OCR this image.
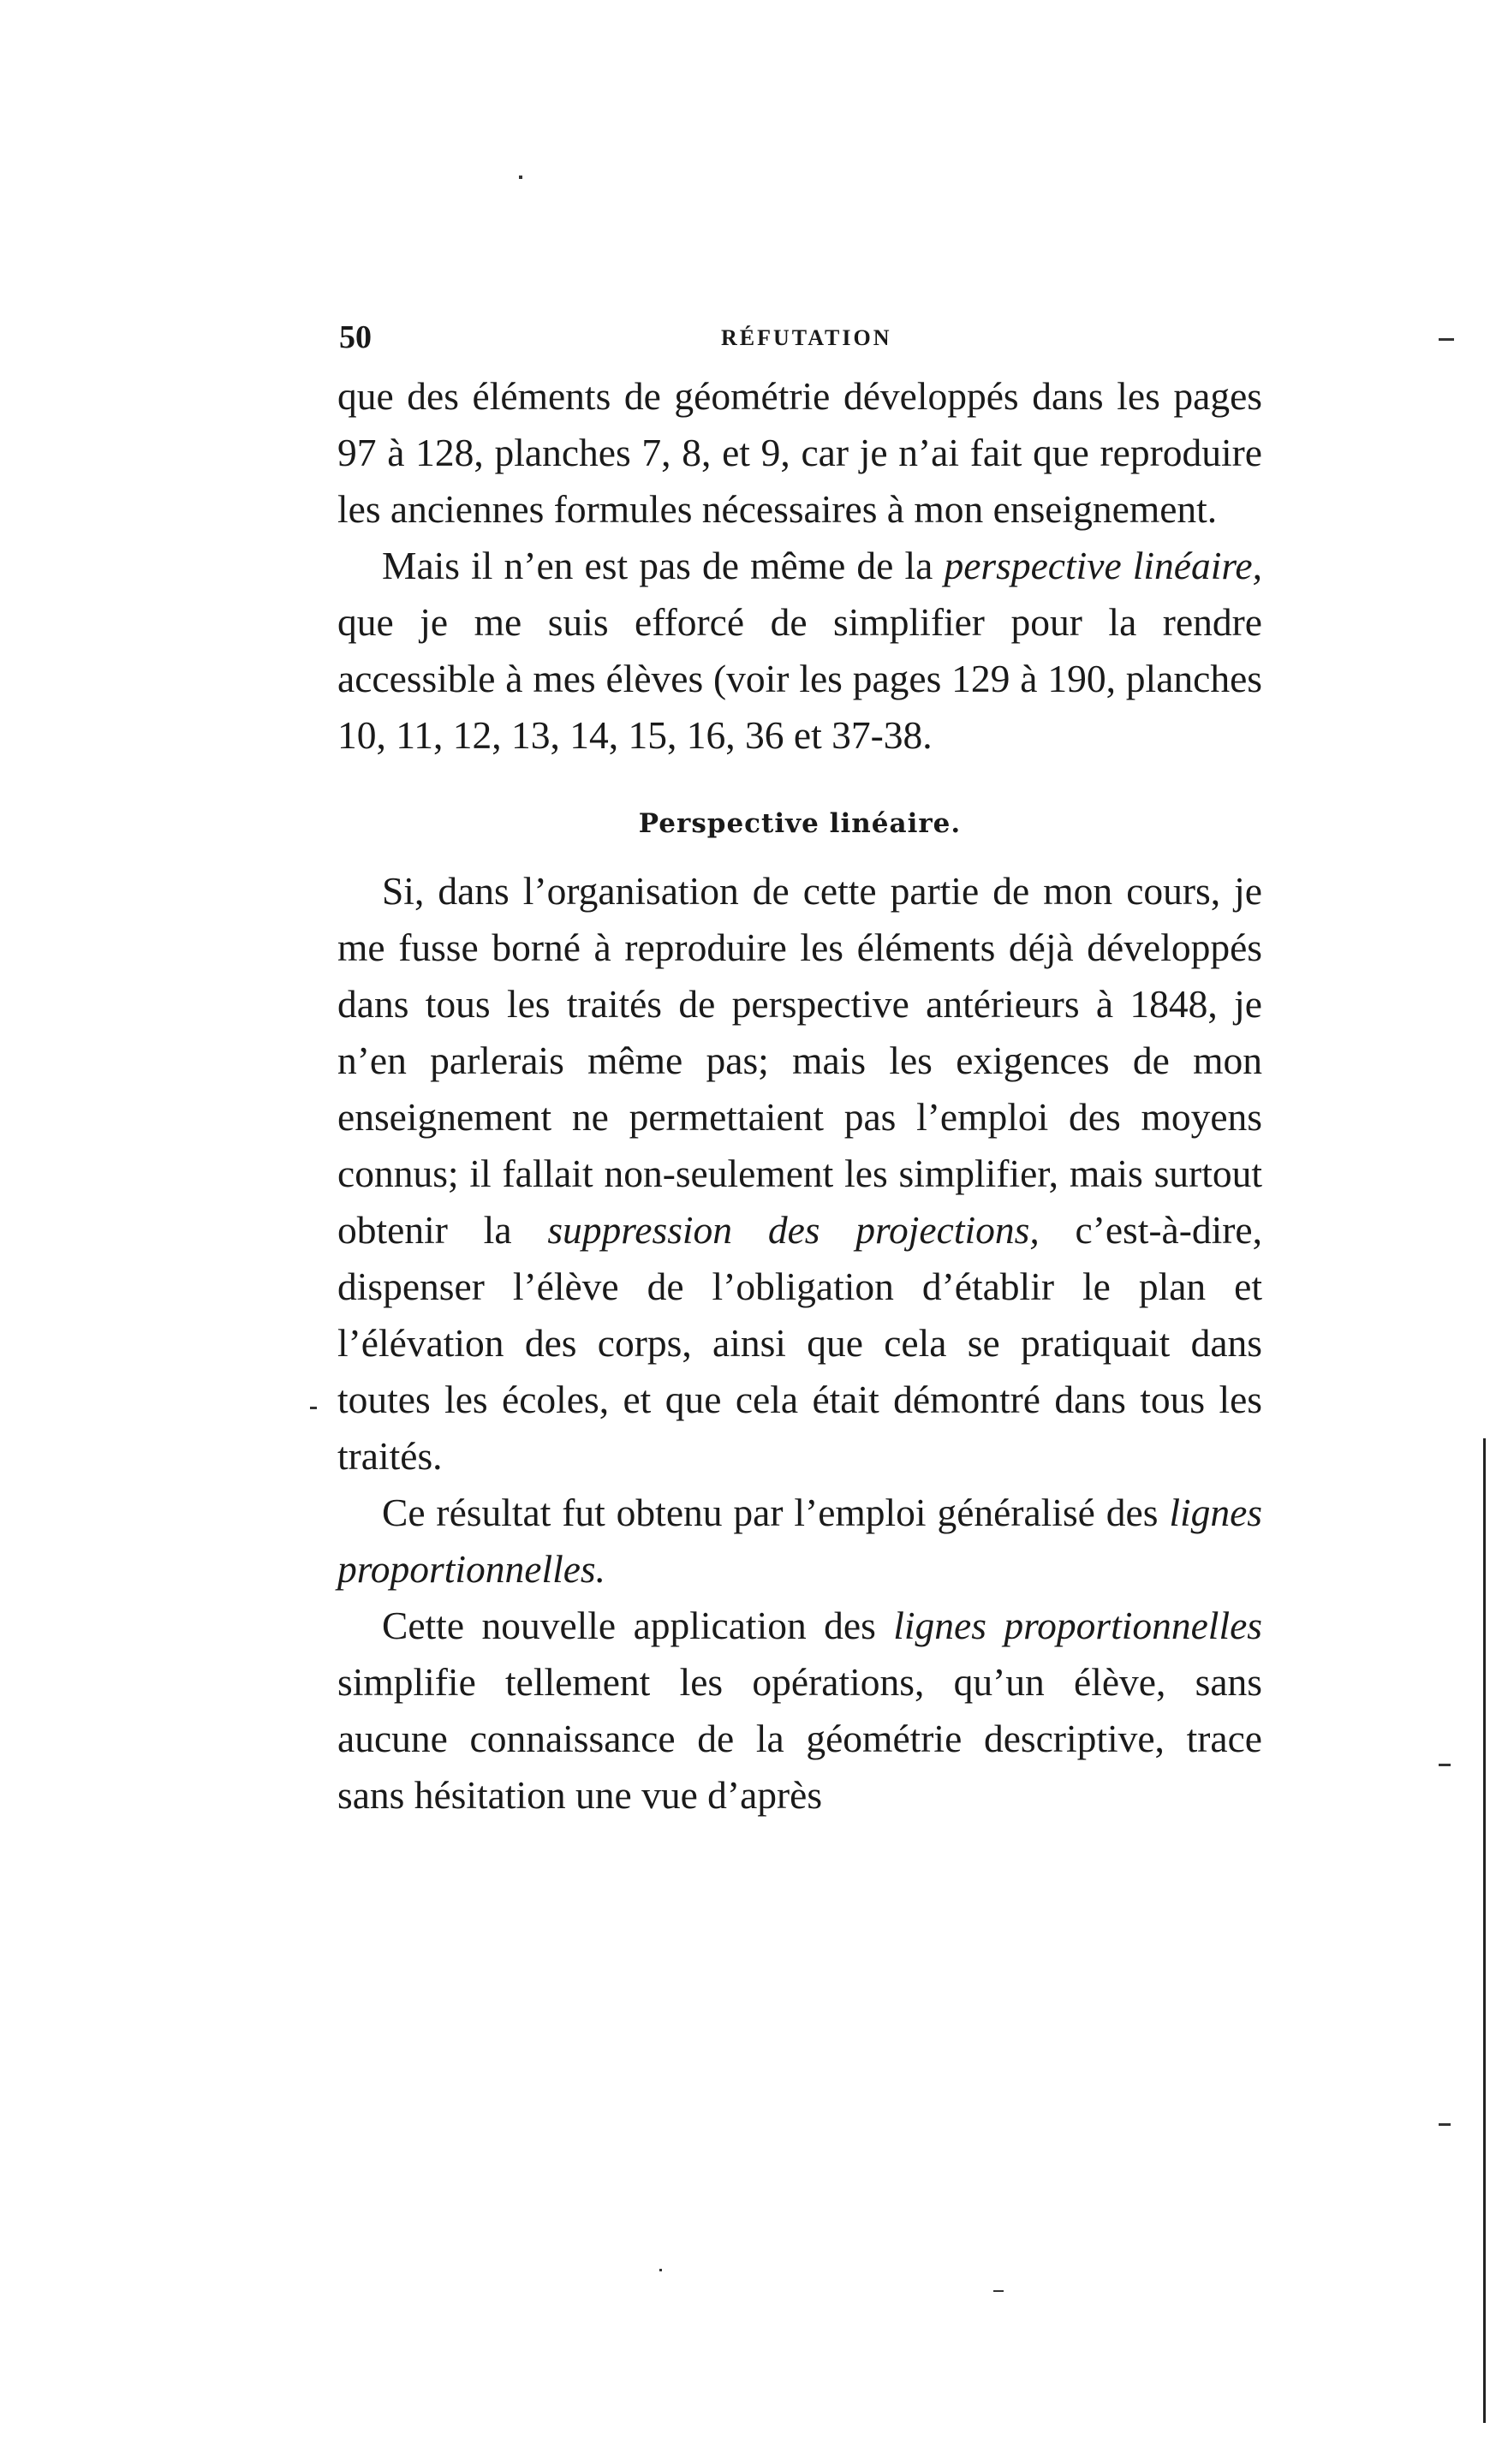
50	RÉFUTATION

que des éléments de géométrie développés dans les pages 97 à 128, planches 7, 8, et 9, car je n’ai fait que reproduire les anciennes formules nécessaires à mon enseignement.

Mais il n’en est pas de même de la perspective linéaire, que je me suis efforcé de simplifier pour la rendre accessible à mes élèves (voir les pages 129 à 190, planches 10, 11, 12, 13, 14, 15, 16, 36 et 37-38.

Perspective linéaire.

Si, dans l’organisation de cette partie de mon cours, je me fusse borné à reproduire les éléments déjà développés dans tous les traités de perspective antérieurs à 1848, je n’en parlerais même pas; mais les exigences de mon enseignement ne permettaient pas l’emploi des moyens connus; il fallait non-seulement les simplifier, mais surtout obtenir la suppression des projections, c’est-à-dire, dispenser l’élève de l’obligation d’établir le plan et l’élévation des corps, ainsi que cela se pratiquait dans toutes les écoles, et que cela était démontré dans tous les traités.

Ce résultat fut obtenu par l’emploi généralisé des lignes proportionnelles.

Cette nouvelle application des lignes proportionnelles simplifie tellement les opérations, qu’un élève, sans aucune connaissance de la géométrie descriptive, trace sans hésitation une vue d’après
